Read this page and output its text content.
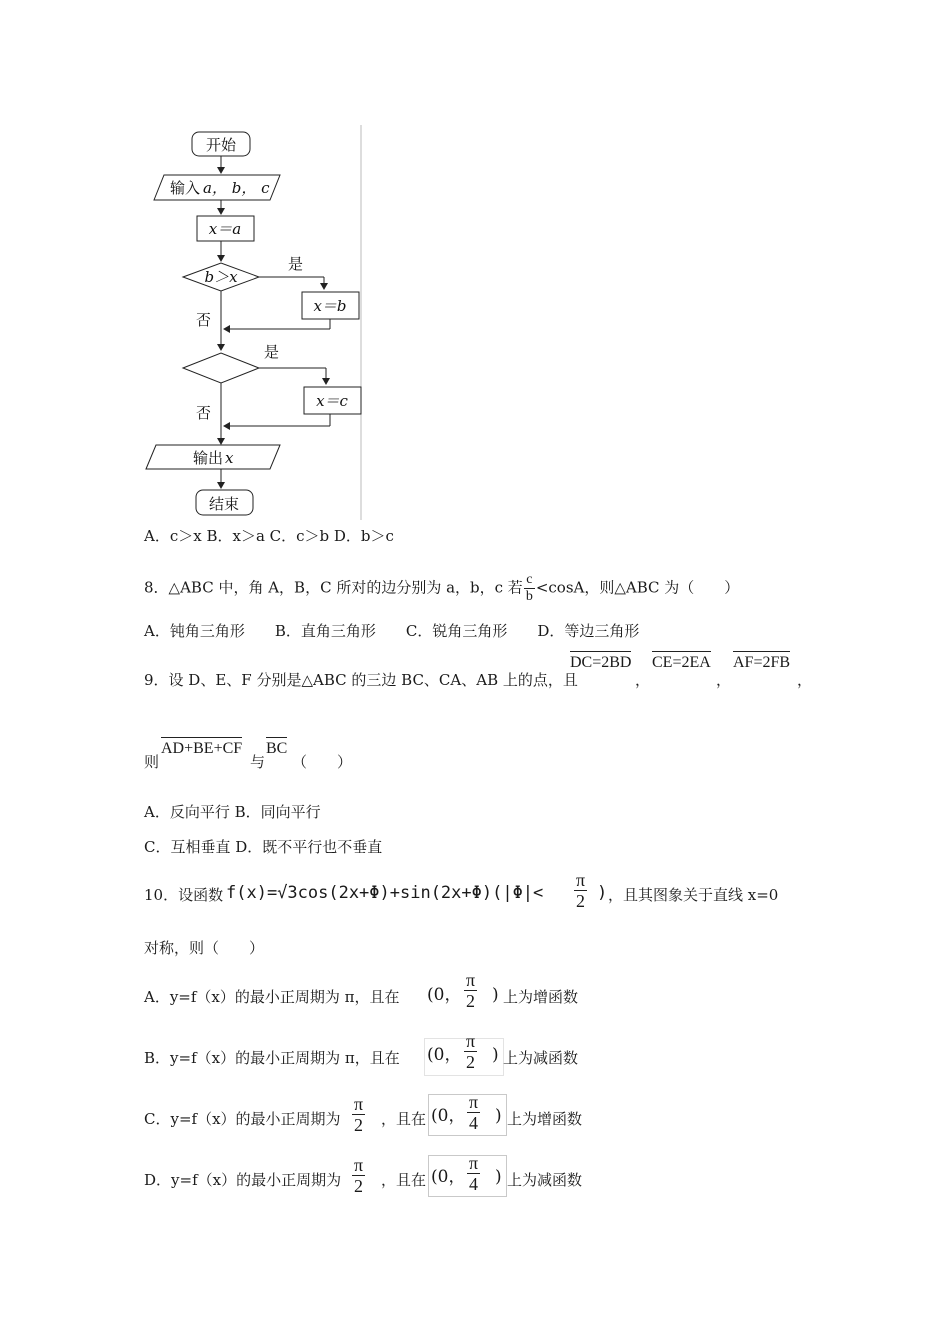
开始
输入 a， b， c
x＝a
b＞x
是
x＝b
否
是
x＝c
否
输出 x
结束
A．c＞x B．x＞a C．c＞b D．b＞c
8．△ABC 中，角 A，B，C 所对的边分别为 a，b，c 若 $\frac{c}{b} <\cos A$，则△ABC 为（　　）
A．钝角三角形　　B．直角三角形　　C．锐角三角形　　D．等边三角形
9．设 D、E、F 分别是△ABC 的三边 BC、CA、AB 上的点，且
DC=2BD
，
CE=2EA
，
AF=2FB
，
则
AD+BE+CF
与
BC
（　　）
A．反向平行 B．同向平行
C．互相垂直 D．既不平行也不垂直
10．设函数 $f(x)=√3\cos(2x+\Phi)+\sin(2x+\Phi)(|\Phi|< \frac{\pi}{2}$ ) ，且其图象关于直线 x=0
对称，则（　　）
A．y=f（x）的最小正周期为 π，且在 (0， $\frac{\pi}{2}$ ) 上为增函数
B．y=f（x）的最小正周期为 π，且在 (0， $\frac{\pi}{2}$ ) 上为减函数
C．y=f（x）的最小正周期为 $\frac{\pi}{2}$ ，且在 (0， $\frac{\pi}{4}$ ) 上为增函数
D．y=f（x）的最小正周期为 $\frac{\pi}{2}$ ，且在 (0， $\frac{\pi}{4}$ ) 上为减函数
